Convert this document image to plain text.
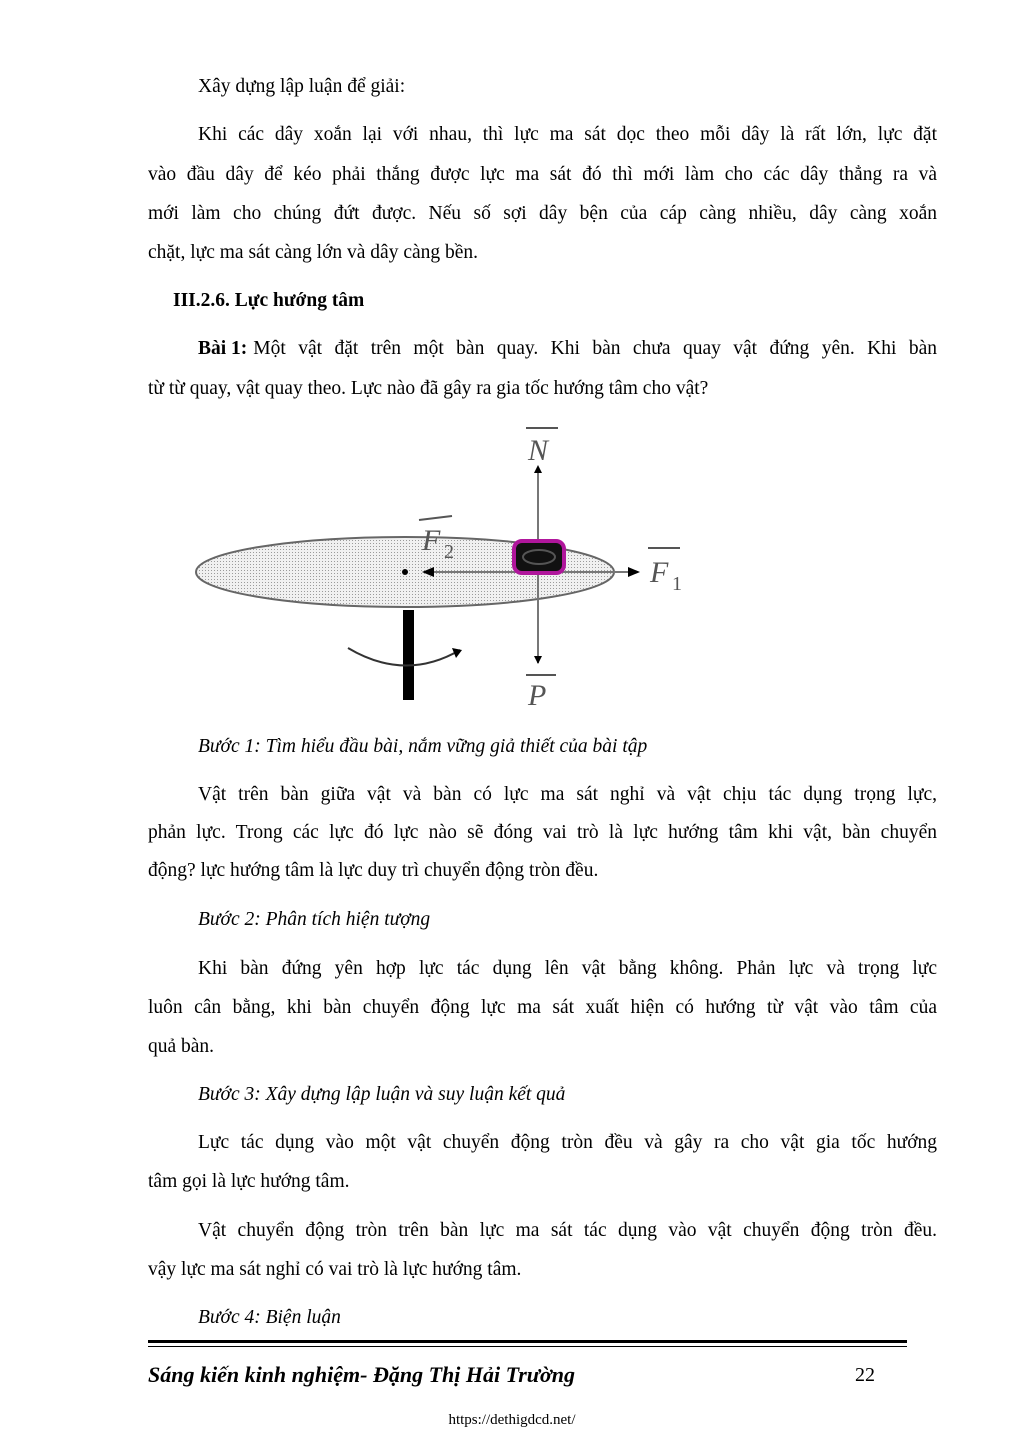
Xây dựng lập luận để giải:
Khi các dây xoắn lại với nhau, thì lực ma sát dọc theo mỗi dây là rất lớn, lực đặt
vào đầu dây để kéo phải thắng được lực ma sát đó thì mới làm cho các dây thẳng ra và
mới làm cho chúng đứt được. Nếu số sợi dây bện của cáp càng nhiều, dây càng xoắn
chặt, lực ma sát càng lớn và dây càng bền.
III.2.6. Lực hướng tâm
Bài 1: Một vật đặt trên một bàn quay. Khi bàn chưa quay vật đứng yên. Khi bàn
từ từ quay, vật quay theo. Lực nào đã gây ra gia tốc hướng tâm cho vật?
N
F 2
F 1
P
Bước 1: Tìm hiểu đầu bài, nắm vững giả thiết của bài tập
Vật trên bàn giữa vật và bàn có lực ma sát nghỉ và vật chịu tác dụng trọng lực,
phản lực. Trong các lực đó lực nào sẽ đóng vai trò là lực hướng tâm khi vật, bàn chuyển
động? lực hướng tâm là lực duy trì chuyển động tròn đều.
Bước 2: Phân tích hiện tượng
Khi bàn đứng yên hợp lực tác dụng lên vật bằng không. Phản lực và trọng lực
luôn cân bằng, khi bàn chuyển động lực ma sát xuất hiện có hướng từ vật vào tâm của
quả bàn.
Bước 3: Xây dựng lập luận và suy luận kết quả
Lực tác dụng vào một vật chuyển động tròn đều và gây ra cho vật gia tốc hướng
tâm gọi là lực hướng tâm.
Vật chuyển động tròn trên bàn lực ma sát tác dụng vào vật chuyển động tròn đều.
vậy lực ma sát nghỉ có vai trò là lực hướng tâm.
Bước 4: Biện luận
Sáng kiến kinh nghiệm- Đặng Thị Hải Trường	22
https://dethigdcd.net/
